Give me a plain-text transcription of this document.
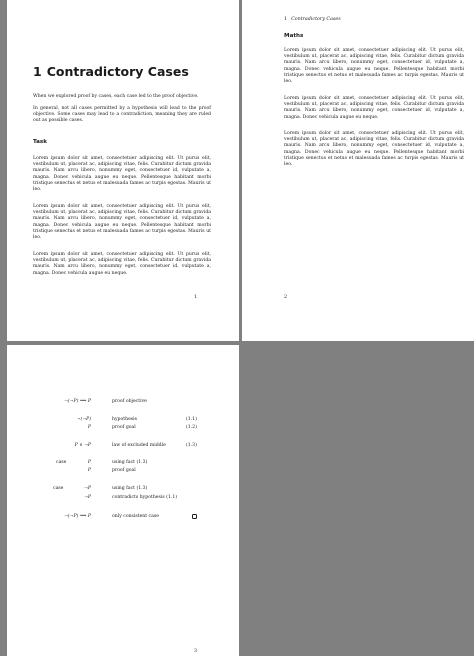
1 Contradictory Cases

When we explored proof by cases, each case led to the proof objective.

In general, not all cases permitted by a hypothesis will lead to the proof objective. Some cases may lead to a contradiction, meaning they are ruled out as possible cases.

Task

Lorem ipsum dolor sit amet, consectetuer adipiscing elit. Ut purus elit, vestibulum ut, placerat ac, adipiscing vitae, felis. Curabitur dictum gravida mauris. Nam arcu libero, nonummy eget, consectetuer id, vulputate a, magna. Donec vehicula augue eu neque. Pellentesque habitant morbi tristique senectus et netus et malesuada fames ac turpis egestas. Mauris ut leo.

Lorem ipsum dolor sit amet, consectetuer adipiscing elit. Ut purus elit, vestibulum ut, placerat ac, adipiscing vitae, felis. Curabitur dictum gravida mauris. Nam arcu libero, nonummy eget, consectetuer id, vulputate a, magna. Donec vehicula augue eu neque. Pellentesque habitant morbi tristique senectus et netus et malesuada fames ac turpis egestas. Mauris ut leo.

Lorem ipsum dolor sit amet, consectetuer adipiscing elit. Ut purus elit, vestibulum ut, placerat ac, adipiscing vitae, felis. Curabitur dictum gravida mauris. Nam arcu libero, nonummy eget, consectetuer id, vulputate a, magna. Donec vehicula augue eu neque.

1
1 Contradictory Cases
Maths

Lorem ipsum dolor sit amet, consectetuer adipiscing elit. Ut purus elit, vestibulum ut, placerat ac, adipiscing vitae, felis. Curabitur dictum gravida mauris. Nam arcu libero, nonummy eget, consectetuer id, vulputate a, magna. Donec vehicula augue eu neque. Pellentesque habitant morbi tristique senectus et netus et malesuada fames ac turpis egestas. Mauris ut leo.

Lorem ipsum dolor sit amet, consectetuer adipiscing elit. Ut purus elit, vestibulum ut, placerat ac, adipiscing vitae, felis. Curabitur dictum gravida mauris. Nam arcu libero, nonummy eget, consectetuer id, vulputate a, magna. Donec vehicula augue eu neque.

Lorem ipsum dolor sit amet, consectetuer adipiscing elit. Ut purus elit, vestibulum ut, placerat ac, adipiscing vitae, felis. Curabitur dictum gravida mauris. Nam arcu libero, nonummy eget, consectetuer id, vulputate a, magna. Donec vehicula augue eu neque. Pellentesque habitant morbi tristique senectus et netus et malesuada fames ac turpis egestas. Mauris ut leo.

2
¬(¬P) ⟹ P	proof objective
¬(¬P)	hypothesis	(1.1)
P	proof goal	(1.2)
P ∨ ¬P	law of excluded middle	(1.3)
case	P	using fact (1.3)
P	proof goal
case	¬P	using fact (1.3)
¬P	contradicts hypothesis (1.1)
¬(¬P) ⟹ P	only consistent case
3
